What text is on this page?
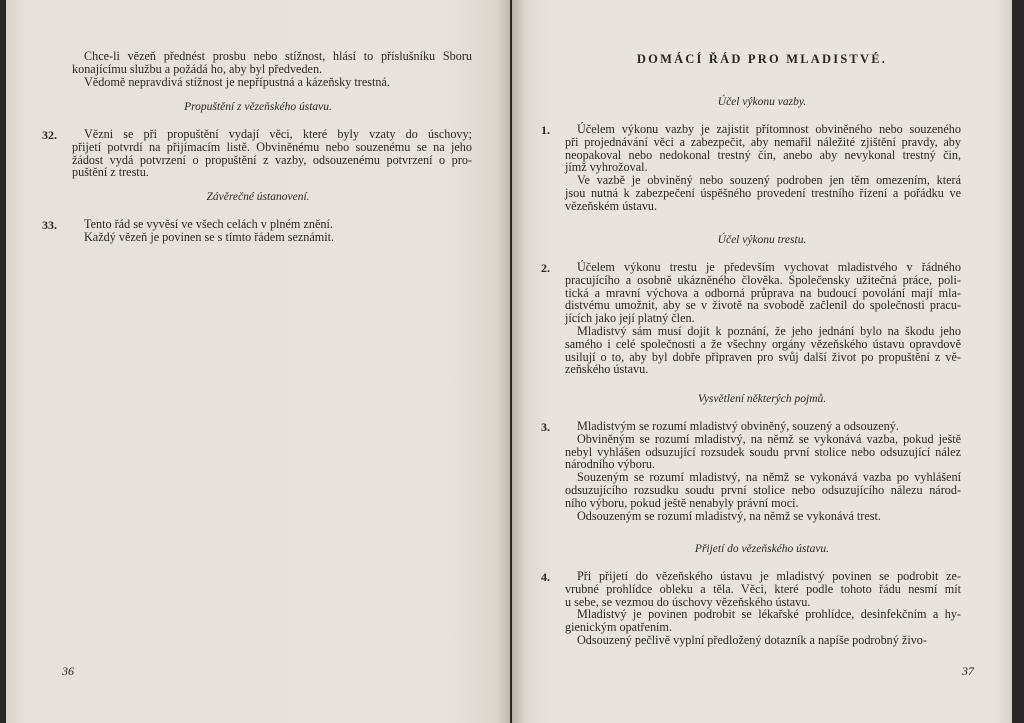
Chce-li vězeň přednést prosbu nebo stížnost, hlásí to příslušníku Sboru
konajícímu službu a požádá ho, aby byl předveden.
Vědomě nepravdivá stížnost je nepřípustná a kázeňsky trestná.
Propuštění z vězeňského ústavu.
32.	Vězni se při propuštění vydají věci, které byly vzaty do úschovy;
přijetí potvrdí na přijímacím listě. Obviněnému nebo souzenému se na jeho
žádost vydá potvrzení o propuštění z vazby, odsouzenému potvrzení o pro-
puštění z trestu.
Závěrečné ústanovení.
33.	Tento řád se vyvěsí ve všech celách v plném znění.
Každý vězeň je povinen se s tímto řádem seznámit.
36
DOMÁCÍ ŘÁD PRO MLADISTVÉ.
Účel výkonu vazby.
1.	Účelem výkonu vazby je zajistit přítomnost obviněného nebo souzeného
při projednávání věci a zabezpečit, aby nemařil náležité zjištění pravdy, aby
neopakoval nebo nedokonal trestný čin, anebo aby nevykonal trestný čin,
jímž vyhrožoval.
Ve vazbě je obviněný nebo souzený podroben jen těm omezením, která
jsou nutná k zabezpečení úspěšného provedení trestního řízení a pořádku ve
vězeňském ústavu.
Účel výkonu trestu.
2.	Účelem výkonu trestu je především vychovat mladistvého v řádného
pracujícího a osobně ukázněného člověka. Společensky užitečná práce, poli-
tická a mravní výchova a odborná průprava na budoucí povolání mají mla-
distvému umožnit, aby se v životě na svobodě začlenil do společnosti pracu-
jících jako její platný člen.
Mladistvý sám musí dojít k poznání, že jeho jednání bylo na škodu jeho
samého i celé společnosti a že všechny orgány vězeňského ústavu opravdově
usilují o to, aby byl dobře připraven pro svůj další život po propuštění z vě-
zeňského ústavu.
Vysvětlení některých pojmů.
3.	Mladistvým se rozumí mladistvý obviněný, souzený a odsouzený.
Obviněným se rozumí mladistvý, na němž se vykonává vazba, pokud ještě
nebyl vyhlášen odsuzující rozsudek soudu první stolice nebo odsuzující nález
národního výboru.
Souzeným se rozumí mladistvý, na němž se vykonává vazba po vyhlášení
odsuzujícího rozsudku soudu první stolice nebo odsuzujícího nálezu národ-
ního výboru, pokud ještě nenabyly právní moci.
Odsouzeným se rozumí mladistvý, na němž se vykonává trest.
Přijetí do vězeňského ústavu.
4.	Při přijetí do vězeňského ústavu je mladistvý povinen se podrobit ze-
vrubné prohlídce obleku a těla. Věci, které podle tohoto řádu nesmí mít
u sebe, se vezmou do úschovy vězeňského ústavu.
Mladistvý je povinen podrobit se lékařské prohlídce, desinfekčním a hy-
gienickým opatřením.
Odsouzený pečlivě vyplní předložený dotazník a napíše podrobný živo-
37
